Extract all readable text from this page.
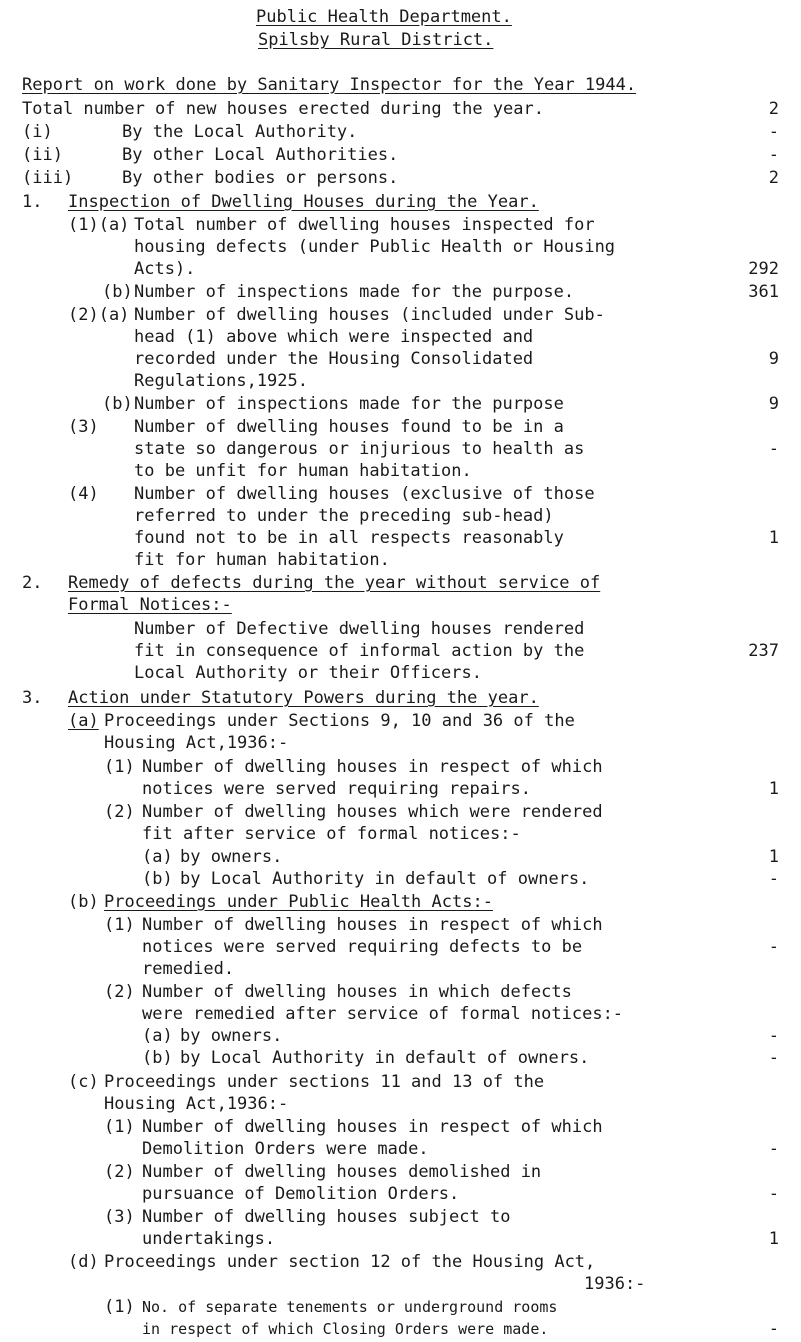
Public Health Department.
Spilsby Rural District.
Report on work done by Sanitary Inspector for the Year 1944.
Total number of new houses erected during the year.	2
(i)	By the Local Authority.	-
(ii)	By other Local Authorities.	-
(iii)	By other bodies or persons.	2
1. Inspection of Dwelling Houses during the Year.
(1)(a) Total number of dwelling houses inspected for
housing defects (under Public Health or Housing
Acts).	292
(b) Number of inspections made for the purpose.	361
(2)(a) Number of dwelling houses (included under Sub-
head (1) above which were inspected and
recorded under the Housing Consolidated	9
Regulations,1925.
(b) Number of inspections made for the purpose	9
(3) Number of dwelling houses found to be in a
state so dangerous or injurious to health as	-
to be unfit for human habitation.
(4) Number of dwelling houses (exclusive of those
referred to under the preceding sub-head)
found not to be in all respects reasonably	1
fit for human habitation.
2. Remedy of defects during the year without service of
Formal Notices:-
Number of Defective dwelling houses rendered
fit in consequence of informal action by the	237
Local Authority or their Officers.
3. Action under Statutory Powers during the year.
(a) Proceedings under Sections 9, 10 and 36 of the
Housing Act,1936:-
(1) Number of dwelling houses in respect of which
notices were served requiring repairs.	1
(2) Number of dwelling houses which were rendered
fit after service of formal notices:-
(a) by owners.	1
(b) by Local Authority in default of owners.	-
(b) Proceedings under Public Health Acts:-
(1) Number of dwelling houses in respect of which
notices were served requiring defects to be	-
remedied.
(2) Number of dwelling houses in which defects
were remedied after service of formal notices:-
(a) by owners.	-
(b) by Local Authority in default of owners.	-
(c) Proceedings under sections 11 and 13 of the
Housing Act,1936:-
(1) Number of dwelling houses in respect of which
Demolition Orders were made.	-
(2) Number of dwelling houses demolished in
pursuance of Demolition Orders.	-
(3) Number of dwelling houses subject to
undertakings.	1
(d) Proceedings under section 12 of the Housing Act,
1936:-
(1) No. of separate tenements or underground rooms
in respect of which Closing Orders were made.	-
